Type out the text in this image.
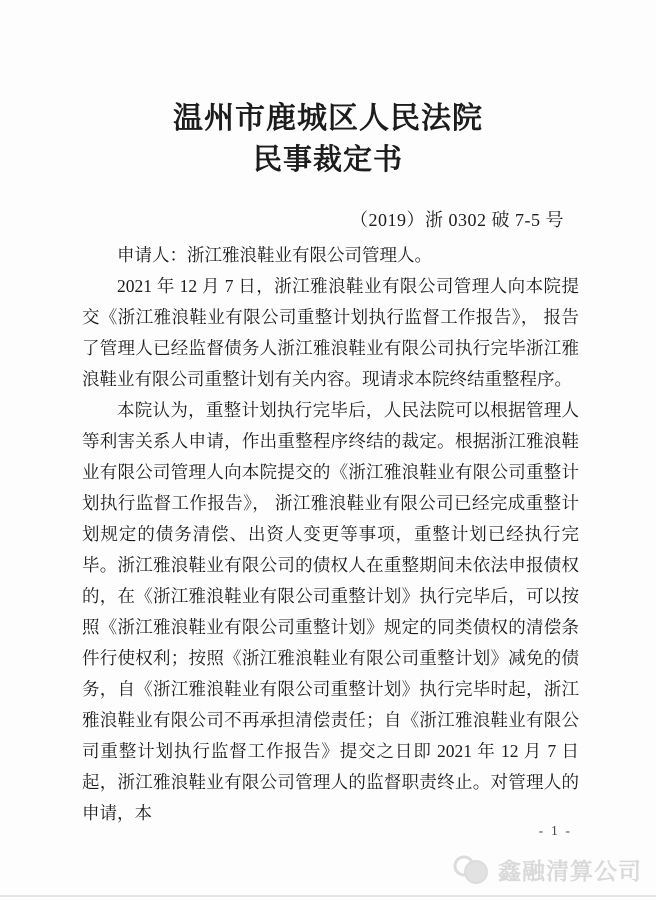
温州市鹿城区人民法院
民事裁定书
（2019）浙 0302 破 7-5 号

申请人：浙江雅浪鞋业有限公司管理人。

2021 年 12 月 7 日，浙江雅浪鞋业有限公司管理人向本院提交《浙江雅浪鞋业有限公司重整计划执行监督工作报告》， 报告了管理人已经监督债务人浙江雅浪鞋业有限公司执行完毕浙江雅浪鞋业有限公司重整计划有关内容。现请求本院终结重整程序。

本院认为，重整计划执行完毕后，人民法院可以根据管理人等利害关系人申请，作出重整程序终结的裁定。根据浙江雅浪鞋业有限公司管理人向本院提交的《浙江雅浪鞋业有限公司重整计划执行监督工作报告》， 浙江雅浪鞋业有限公司已经完成重整计划规定的债务清偿、出资人变更等事项，重整计划已经执行完毕。浙江雅浪鞋业有限公司的债权人在重整期间未依法申报债权的，在《浙江雅浪鞋业有限公司重整计划》执行完毕后，可以按照《浙江雅浪鞋业有限公司重整计划》规定的同类债权的清偿条件行使权利；按照《浙江雅浪鞋业有限公司重整计划》减免的债务，自《浙江雅浪鞋业有限公司重整计划》执行完毕时起，浙江雅浪鞋业有限公司不再承担清偿责任；自《浙江雅浪鞋业有限公司重整计划执行监督工作报告》提交之日即 2021 年 12 月 7 日起，浙江雅浪鞋业有限公司管理人的监督职责终止。对管理人的申请，本

- 1 -
鑫融清算公司
